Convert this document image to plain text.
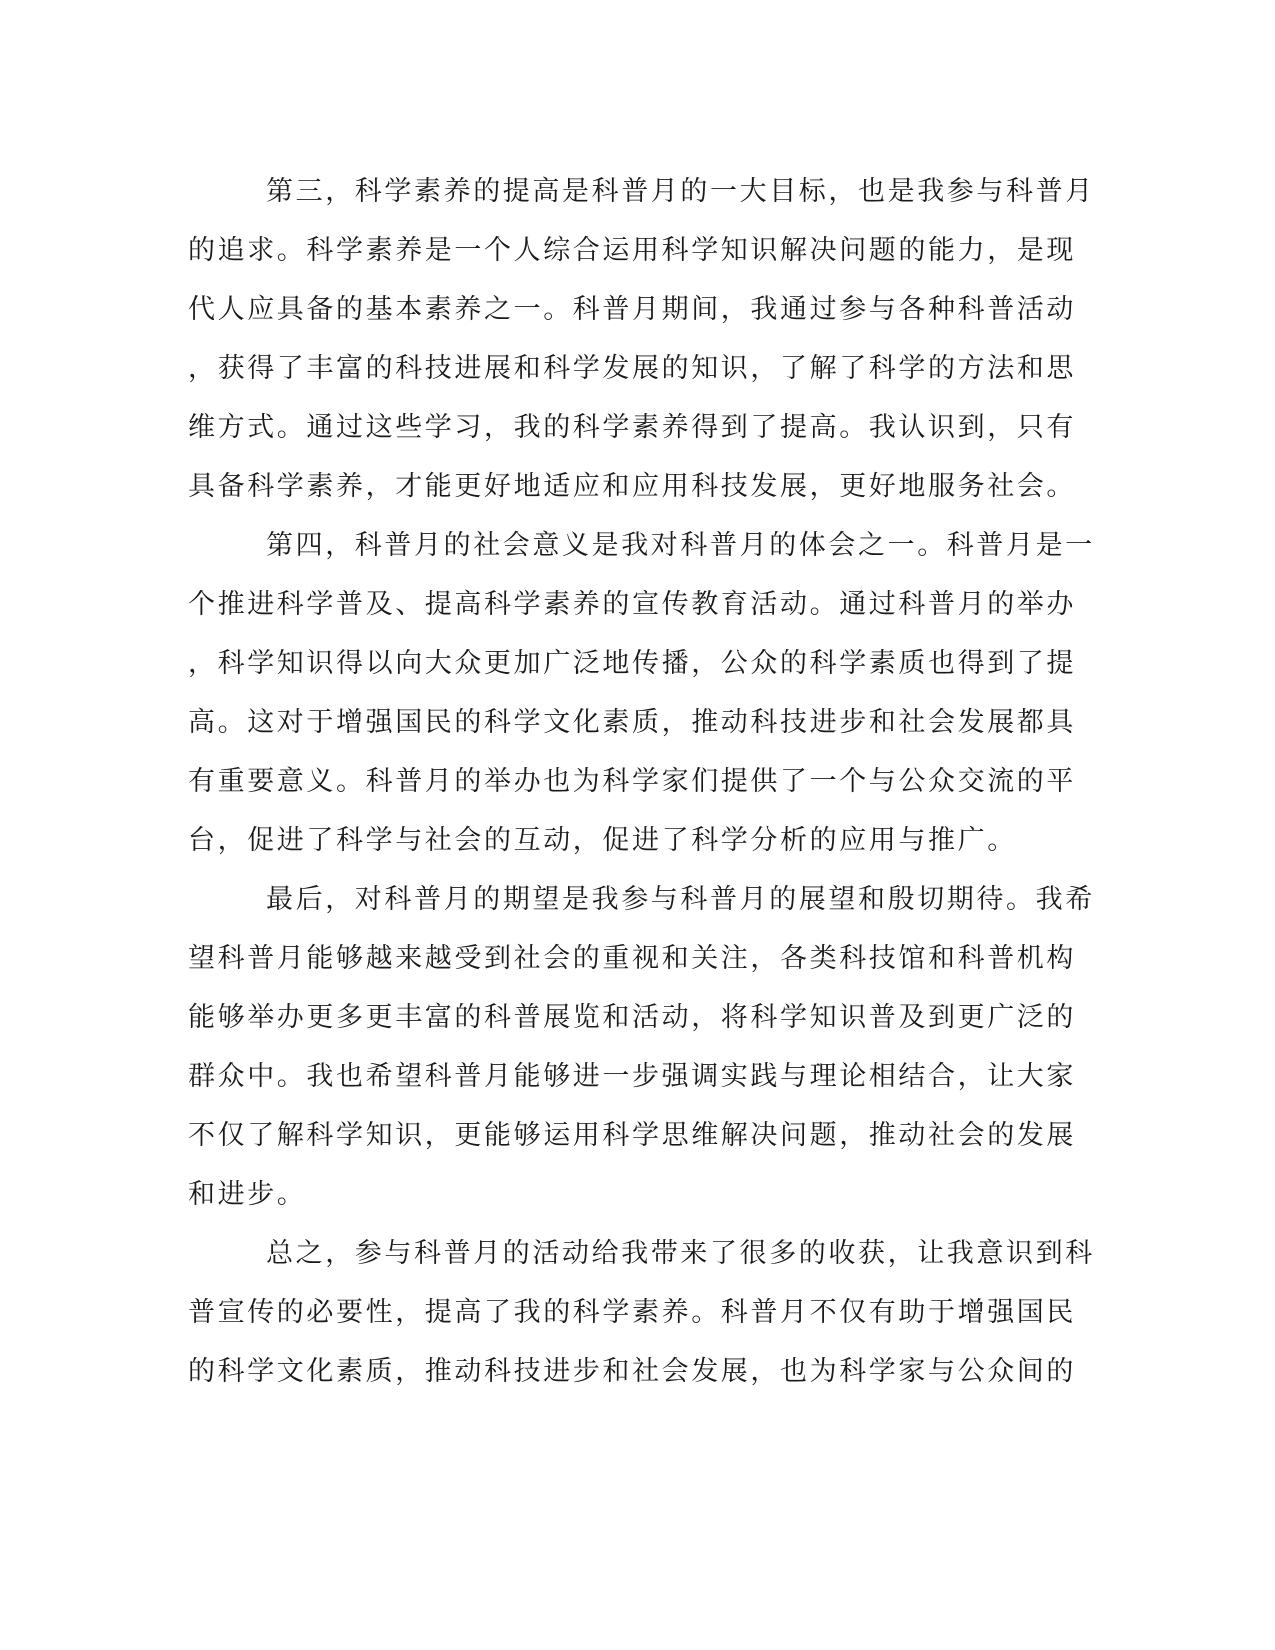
第三，科学素养的提高是科普月的一大目标，也是我参与科普月
的追求。科学素养是一个人综合运用科学知识解决问题的能力，是现
代人应具备的基本素养之一。科普月期间，我通过参与各种科普活动
，获得了丰富的科技进展和科学发展的知识，了解了科学的方法和思
维方式。通过这些学习，我的科学素养得到了提高。我认识到，只有
具备科学素养，才能更好地适应和应用科技发展，更好地服务社会。
第四，科普月的社会意义是我对科普月的体会之一。科普月是一
个推进科学普及、提高科学素养的宣传教育活动。通过科普月的举办
，科学知识得以向大众更加广泛地传播，公众的科学素质也得到了提
高。这对于增强国民的科学文化素质，推动科技进步和社会发展都具
有重要意义。科普月的举办也为科学家们提供了一个与公众交流的平
台，促进了科学与社会的互动，促进了科学分析的应用与推广。
最后，对科普月的期望是我参与科普月的展望和殷切期待。我希
望科普月能够越来越受到社会的重视和关注，各类科技馆和科普机构
能够举办更多更丰富的科普展览和活动，将科学知识普及到更广泛的
群众中。我也希望科普月能够进一步强调实践与理论相结合，让大家
不仅了解科学知识，更能够运用科学思维解决问题，推动社会的发展
和进步。
总之，参与科普月的活动给我带来了很多的收获，让我意识到科
普宣传的必要性，提高了我的科学素养。科普月不仅有助于增强国民
的科学文化素质，推动科技进步和社会发展，也为科学家与公众间的
